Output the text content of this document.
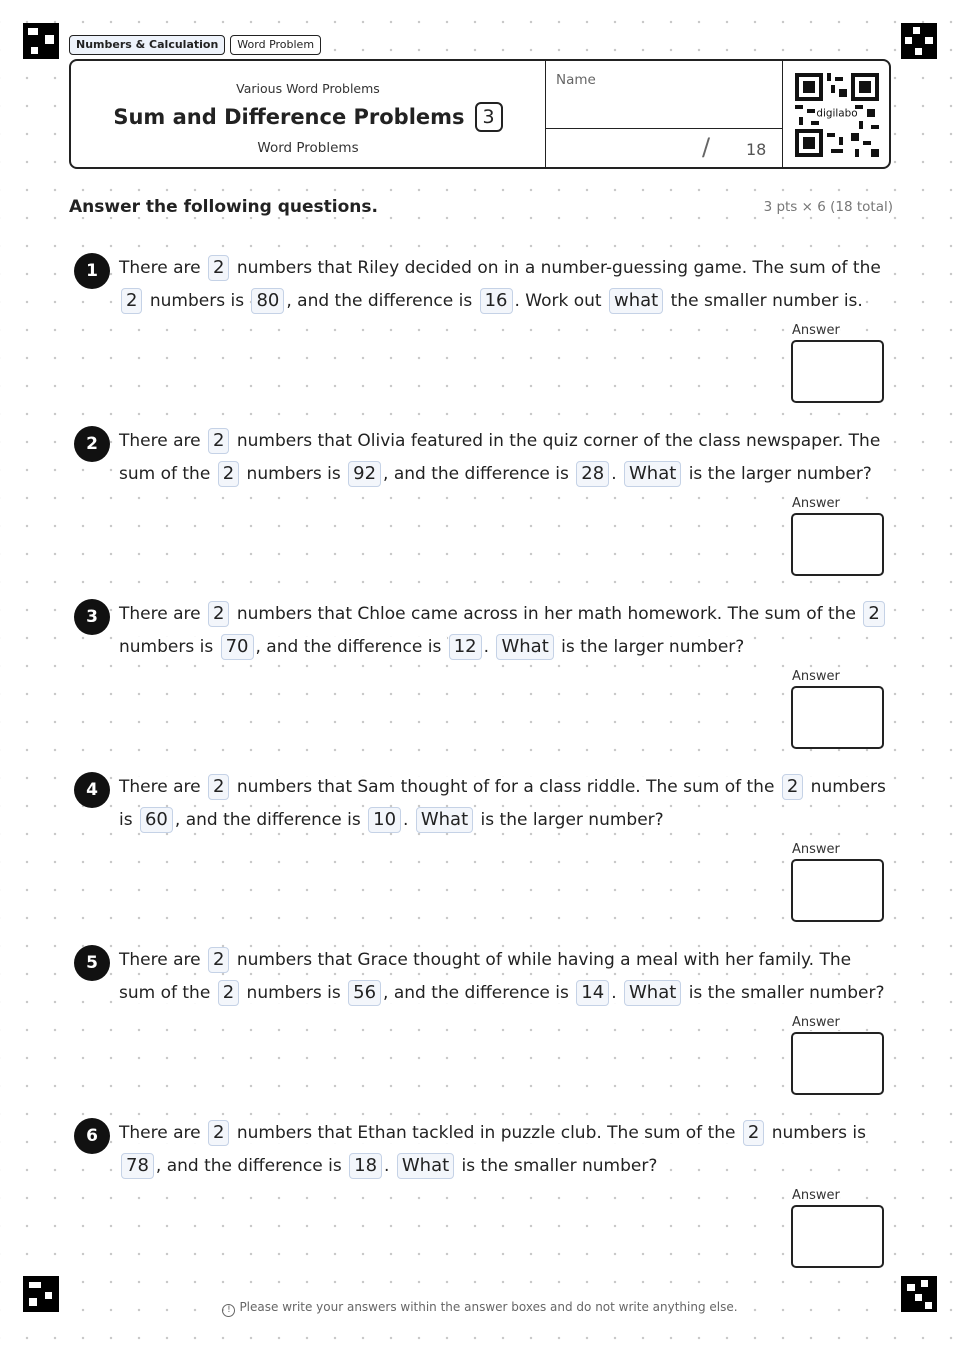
Numbers & Calculation	Word Problem
Various Word Problems
Sum and Difference Problems 3
Word Problems
Name
/ 18
digilabo
Answer the following questions.	3 pts × 6 (18 total)
1	There are 2 numbers that Riley decided on in a number-guessing game. The sum of the 2 numbers is 80 , and the difference is 16 . Work out what the smaller number is.
Answer
2	There are 2 numbers that Olivia featured in the quiz corner of the class newspaper. The sum of the 2 numbers is 92 , and the difference is 28 . What is the larger number?
Answer
3	There are 2 numbers that Chloe came across in her math homework. The sum of the 2 numbers is 70 , and the difference is 12 . What is the larger number?
Answer
4	There are 2 numbers that Sam thought of for a class riddle. The sum of the 2 numbers is 60 , and the difference is 10 . What is the larger number?
Answer
5	There are 2 numbers that Grace thought of while having a meal with her family. The sum of the 2 numbers is 56 , and the difference is 14 . What is the smaller number?
Answer
6	There are 2 numbers that Ethan tackled in puzzle club. The sum of the 2 numbers is 78 , and the difference is 18 . What is the smaller number?
Answer
! Please write your answers within the answer boxes and do not write anything else.
